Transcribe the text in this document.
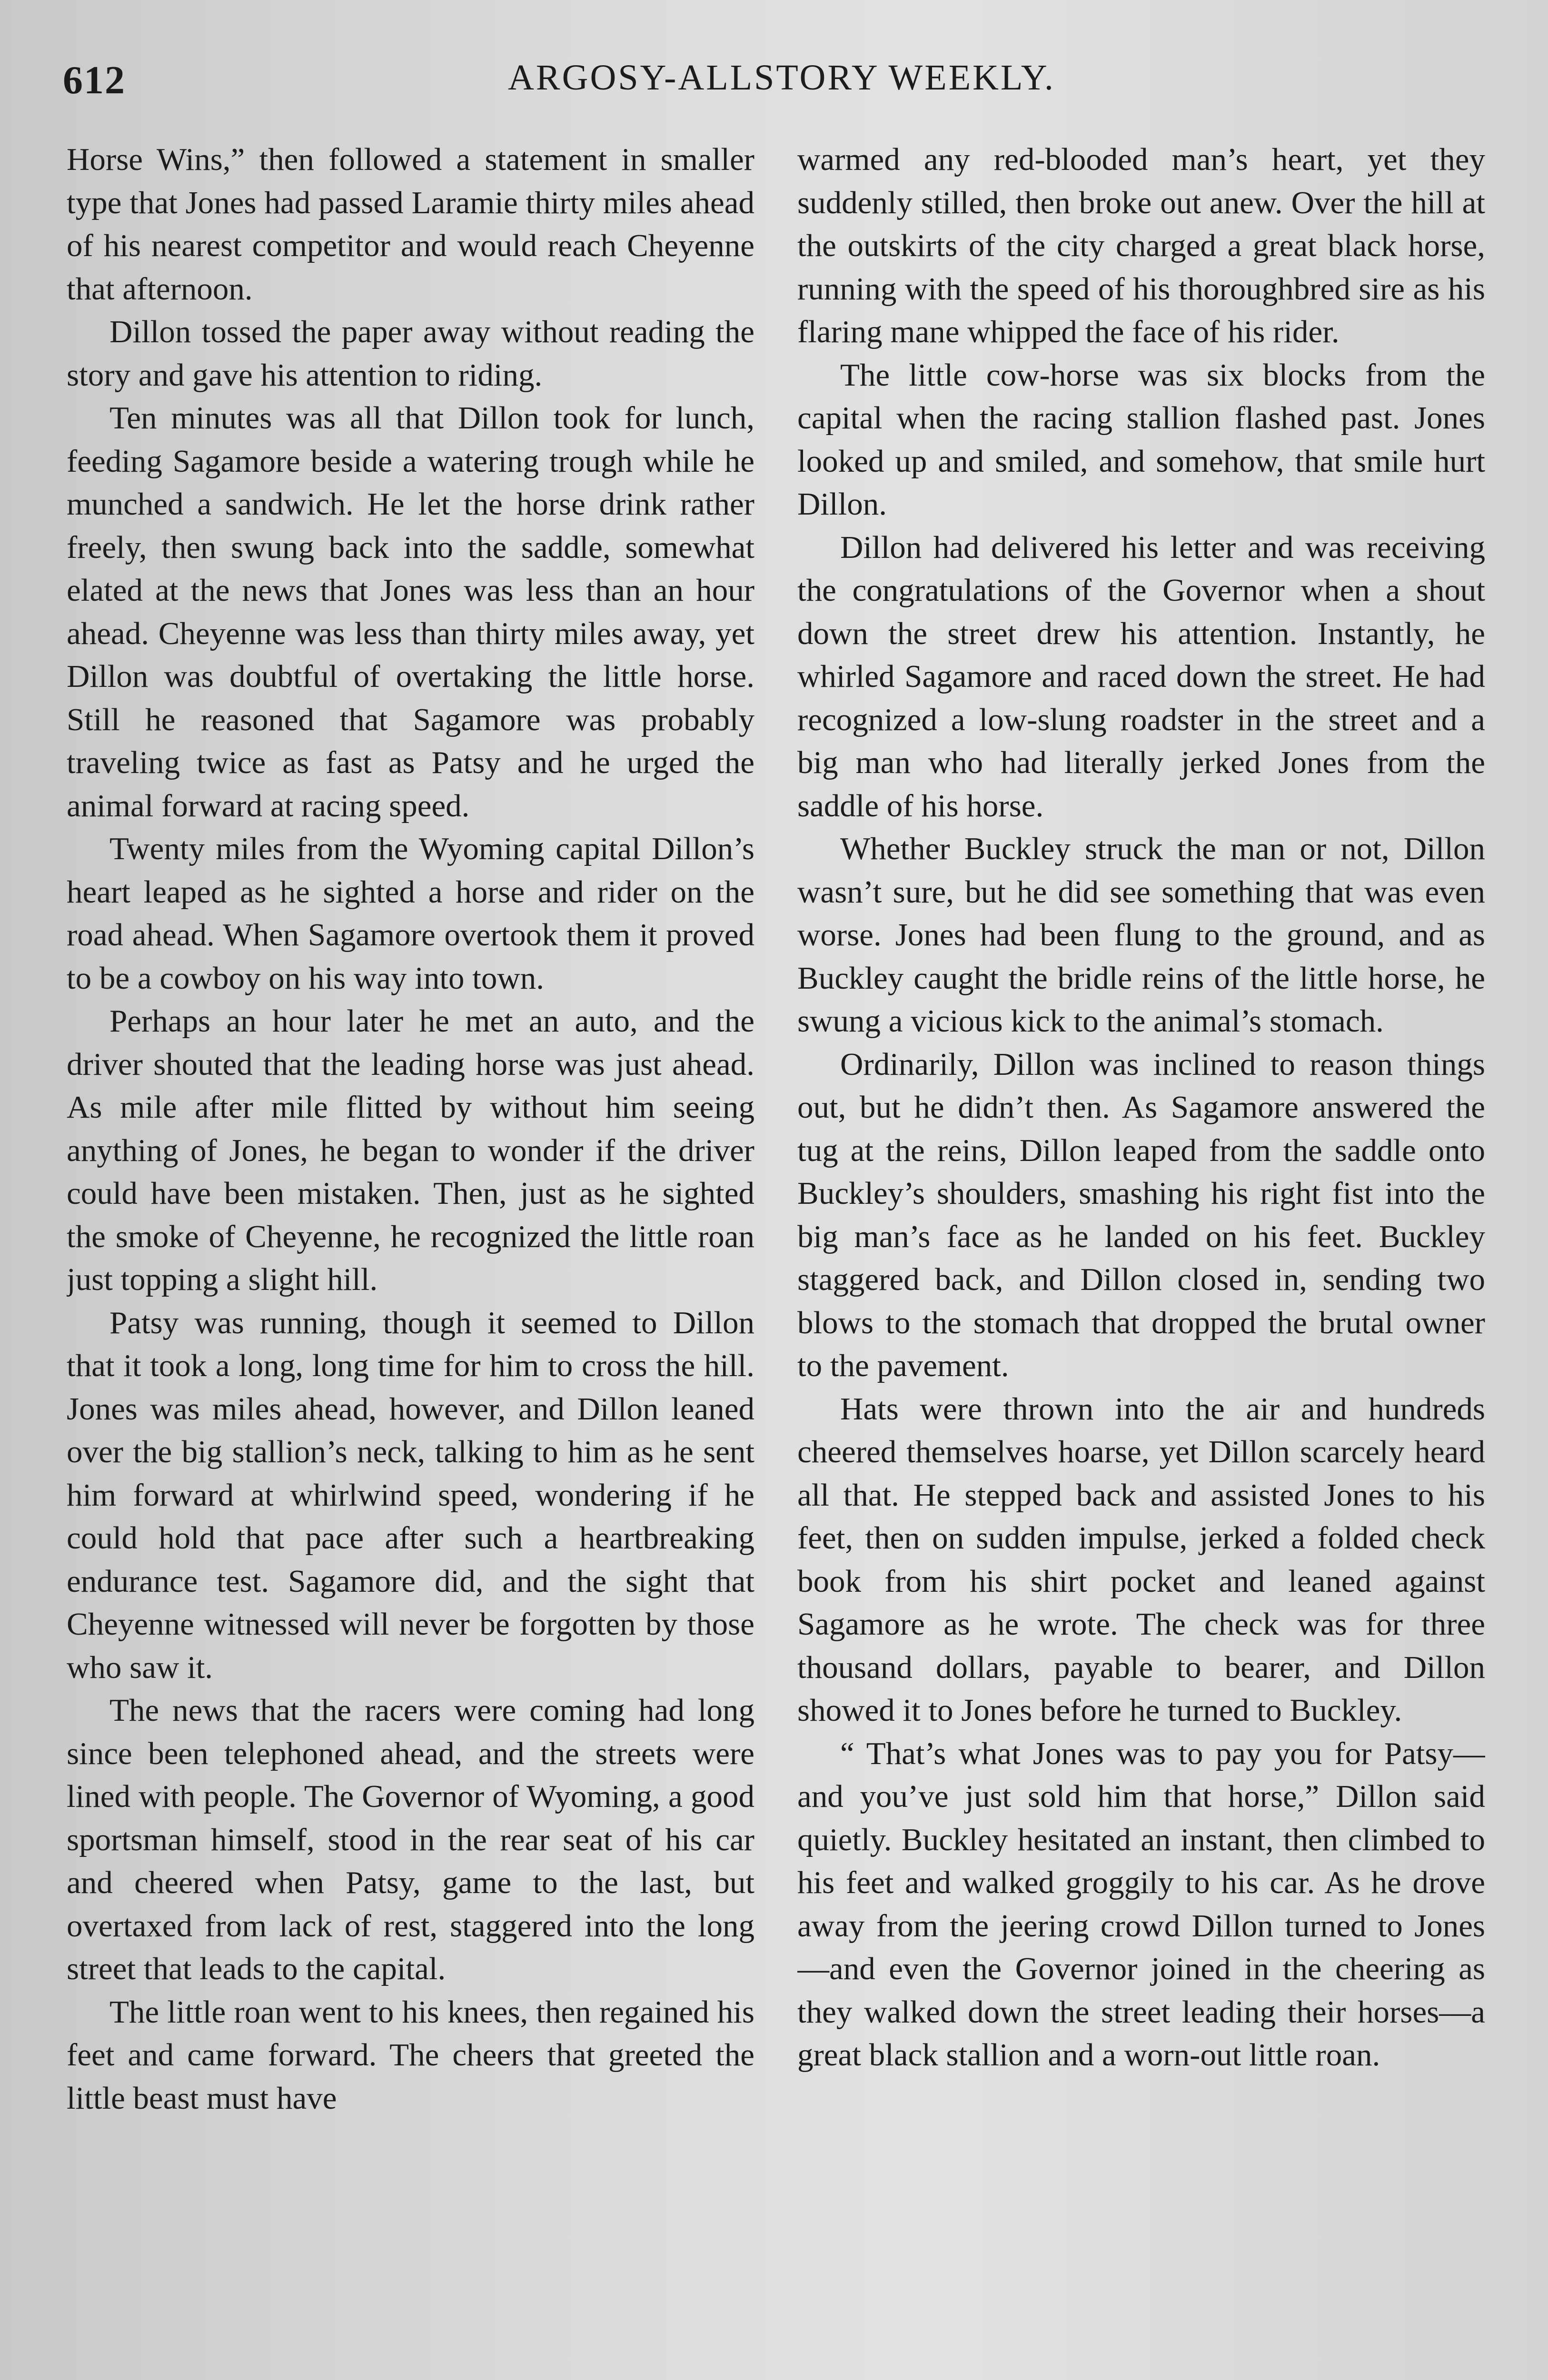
612	ARGOSY-ALLSTORY WEEKLY.

Horse Wins,” then followed a statement in smaller type that Jones had passed Laramie thirty miles ahead of his nearest competitor and would reach Cheyenne that afternoon.

Dillon tossed the paper away without reading the story and gave his attention to riding.

Ten minutes was all that Dillon took for lunch, feeding Sagamore beside a watering trough while he munched a sandwich. He let the horse drink rather freely, then swung back into the saddle, somewhat elated at the news that Jones was less than an hour ahead. Cheyenne was less than thirty miles away, yet Dillon was doubtful of overtaking the little horse. Still he reasoned that Sagamore was probably traveling twice as fast as Patsy and he urged the animal forward at racing speed.

Twenty miles from the Wyoming capital Dillon’s heart leaped as he sighted a horse and rider on the road ahead. When Sagamore overtook them it proved to be a cowboy on his way into town.

Perhaps an hour later he met an auto, and the driver shouted that the leading horse was just ahead. As mile after mile flitted by without him seeing anything of Jones, he began to wonder if the driver could have been mistaken. Then, just as he sighted the smoke of Cheyenne, he recognized the little roan just topping a slight hill.

Patsy was running, though it seemed to Dillon that it took a long, long time for him to cross the hill. Jones was miles ahead, however, and Dillon leaned over the big stallion’s neck, talking to him as he sent him forward at whirlwind speed, wondering if he could hold that pace after such a heartbreaking endurance test. Sagamore did, and the sight that Cheyenne witnessed will never be forgotten by those who saw it.

The news that the racers were coming had long since been telephoned ahead, and the streets were lined with people. The Governor of Wyoming, a good sportsman himself, stood in the rear seat of his car and cheered when Patsy, game to the last, but overtaxed from lack of rest, staggered into the long street that leads to the capital.

The little roan went to his knees, then regained his feet and came forward. The cheers that greeted the little beast must have

warmed any red-blooded man’s heart, yet they suddenly stilled, then broke out anew. Over the hill at the outskirts of the city charged a great black horse, running with the speed of his thoroughbred sire as his flaring mane whipped the face of his rider.

The little cow-horse was six blocks from the capital when the racing stallion flashed past. Jones looked up and smiled, and somehow, that smile hurt Dillon.

Dillon had delivered his letter and was receiving the congratulations of the Governor when a shout down the street drew his attention. Instantly, he whirled Sagamore and raced down the street. He had recognized a low-slung roadster in the street and a big man who had literally jerked Jones from the saddle of his horse.

Whether Buckley struck the man or not, Dillon wasn’t sure, but he did see something that was even worse. Jones had been flung to the ground, and as Buckley caught the bridle reins of the little horse, he swung a vicious kick to the animal’s stomach.

Ordinarily, Dillon was inclined to reason things out, but he didn’t then. As Sagamore answered the tug at the reins, Dillon leaped from the saddle onto Buckley’s shoulders, smashing his right fist into the big man’s face as he landed on his feet. Buckley staggered back, and Dillon closed in, sending two blows to the stomach that dropped the brutal owner to the pavement.

Hats were thrown into the air and hundreds cheered themselves hoarse, yet Dillon scarcely heard all that. He stepped back and assisted Jones to his feet, then on sudden impulse, jerked a folded check book from his shirt pocket and leaned against Sagamore as he wrote. The check was for three thousand dollars, payable to bearer, and Dillon showed it to Jones before he turned to Buckley.

“ That’s what Jones was to pay you for Patsy—and you’ve just sold him that horse,” Dillon said quietly. Buckley hesitated an instant, then climbed to his feet and walked groggily to his car. As he drove away from the jeering crowd Dillon turned to Jones—and even the Governor joined in the cheering as they walked down the street leading their horses—a great black stallion and a worn-out little roan.
